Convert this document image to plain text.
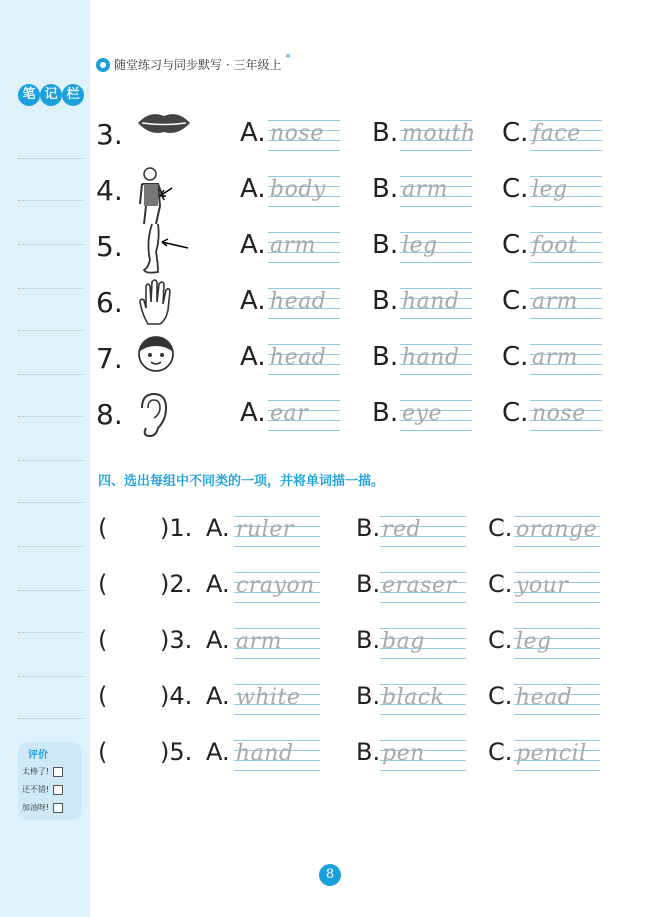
笔 记 栏
评价
太棒了!
还不错!
加油呀!
随堂练习与同步默写 · 三年级上 *
3.	A. nose B. mouth C. face
4.	A. body B. arm C. leg
5.	A. arm B. leg C. foot
6.	A. head B. hand C. arm
7.	A. head B. hand C. arm
8.	A. ear B. eye C. nose
四、选出每组中不同类的一项，并将单词描一描。
( )1. A. ruler	B. red	C. orange
( )2. A. crayon B. eraser C. your
( )3. A. arm	B. bag	C. leg
( )4. A. white B. black C. head
( )5. A. hand	B. pen	C. pencil
8
